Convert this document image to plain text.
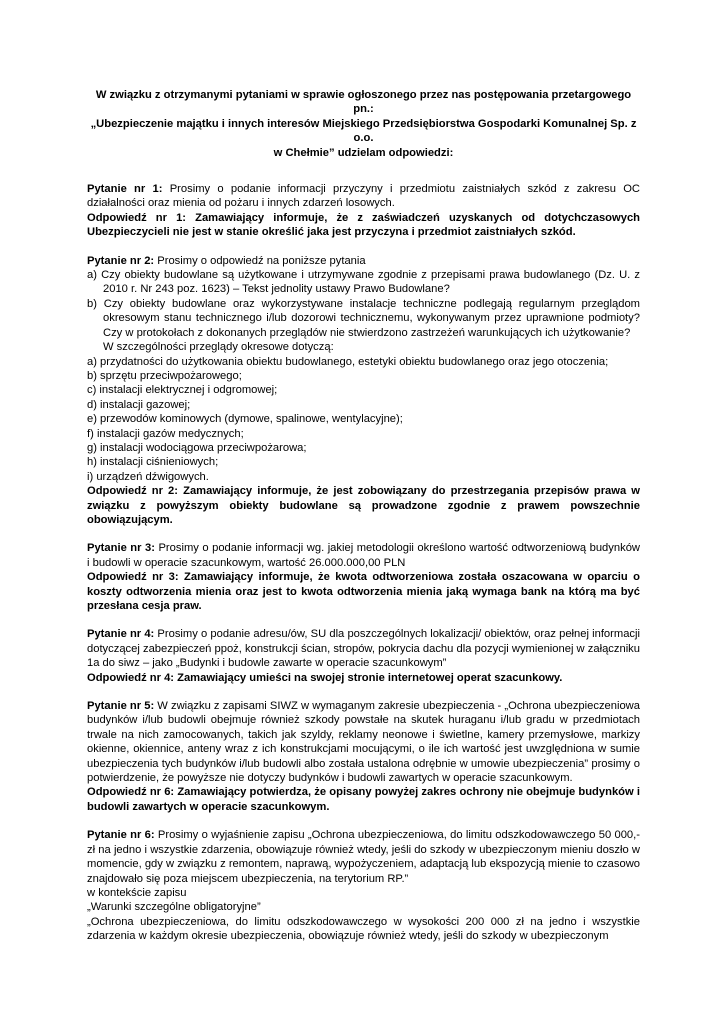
W związku z otrzymanymi pytaniami w sprawie ogłoszonego przez nas postępowania przetargowego pn.:

„Ubezpieczenie majątku i innych interesów Miejskiego Przedsiębiorstwa Gospodarki Komunalnej Sp. z o.o.

w Chełmie” udzielam odpowiedzi:

Pytanie nr 1: Prosimy o podanie informacji przyczyny i przedmiotu zaistniałych szkód z zakresu OC działalności oraz mienia od pożaru i innych zdarzeń losowych.

Odpowiedź nr 1: Zamawiający informuje, że z zaświadczeń uzyskanych od dotychczasowych Ubezpieczycieli nie jest w stanie określić jaka jest przyczyna i przedmiot zaistniałych szkód.

Pytanie nr 2: Prosimy o odpowiedź na poniższe pytania

a) Czy obiekty budowlane są użytkowane i utrzymywane zgodnie z przepisami prawa budowlanego (Dz. U. z 2010 r. Nr 243 poz. 1623) – Tekst jednolity ustawy Prawo Budowlane?

b) Czy obiekty budowlane oraz wykorzystywane instalacje techniczne podlegają regularnym przeglądom okresowym stanu technicznego i/lub dozorowi technicznemu, wykonywanym przez uprawnione podmioty? Czy w protokołach z dokonanych przeglądów nie stwierdzono zastrzeżeń warunkujących ich użytkowanie?

W szczególności przeglądy okresowe dotyczą:

a) przydatności do użytkowania obiektu budowlanego, estetyki obiektu budowlanego oraz jego otoczenia;

b) sprzętu przeciwpożarowego;

c) instalacji elektrycznej i odgromowej;

d) instalacji gazowej;

e) przewodów kominowych (dymowe, spalinowe, wentylacyjne);

f) instalacji gazów medycznych;

g) instalacji wodociągowa przeciwpożarowa;

h) instalacji ciśnieniowych;

i) urządzeń dźwigowych.

Odpowiedź nr 2: Zamawiający informuje, że jest zobowiązany do przestrzegania przepisów prawa w związku z powyższym obiekty budowlane są prowadzone zgodnie z prawem powszechnie obowiązującym.

Pytanie nr 3: Prosimy o podanie informacji wg. jakiej metodologii określono wartość odtworzeniową budynków i budowli w operacie szacunkowym, wartość 26.000.000,00 PLN

Odpowiedź nr 3: Zamawiający informuje, że kwota odtworzeniowa została oszacowana w oparciu o koszty odtworzenia mienia oraz jest to kwota odtworzenia mienia jaką wymaga bank na którą ma być przesłana cesja praw.

Pytanie nr 4: Prosimy o podanie adresu/ów, SU dla poszczególnych lokalizacji/ obiektów, oraz pełnej informacji dotyczącej zabezpieczeń ppoż, konstrukcji ścian, stropów, pokrycia dachu dla pozycji wymienionej w załączniku 1a do siwz – jako „Budynki i budowle zawarte w operacie szacunkowym”

Odpowiedź nr 4: Zamawiający umieści na swojej stronie internetowej operat szacunkowy.

Pytanie nr 5: W związku z zapisami SIWZ w wymaganym zakresie ubezpieczenia - „Ochrona ubezpieczeniowa budynków i/lub budowli obejmuje również szkody powstałe na skutek huraganu i/lub gradu w przedmiotach trwale na nich zamocowanych, takich jak szyldy, reklamy neonowe i świetlne, kamery przemysłowe, markizy okienne, okiennice, anteny wraz z ich konstrukcjami mocującymi, o ile ich wartość jest uwzględniona w sumie ubezpieczenia tych budynków i/lub budowli albo została ustalona odrębnie w umowie ubezpieczenia” prosimy o potwierdzenie, że powyższe nie dotyczy budynków i budowli zawartych w operacie szacunkowym.

Odpowiedź nr 6: Zamawiający potwierdza, że opisany powyżej zakres ochrony nie obejmuje budynków i budowli zawartych w operacie szacunkowym.

Pytanie nr 6: Prosimy o wyjaśnienie zapisu „Ochrona ubezpieczeniowa, do limitu odszkodowawczego 50 000,- zł na jedno i wszystkie zdarzenia, obowiązuje również wtedy, jeśli do szkody w ubezpieczonym mieniu doszło w momencie, gdy w związku z remontem, naprawą, wypożyczeniem, adaptacją lub ekspozycją mienie to czasowo znajdowało się poza miejscem ubezpieczenia, na terytorium RP.”

w kontekście zapisu

„Warunki szczególne obligatoryjne”

„Ochrona ubezpieczeniowa, do limitu odszkodowawczego w wysokości 200 000 zł na jedno i wszystkie zdarzenia w każdym okresie ubezpieczenia, obowiązuje również wtedy, jeśli do szkody w ubezpieczonym
